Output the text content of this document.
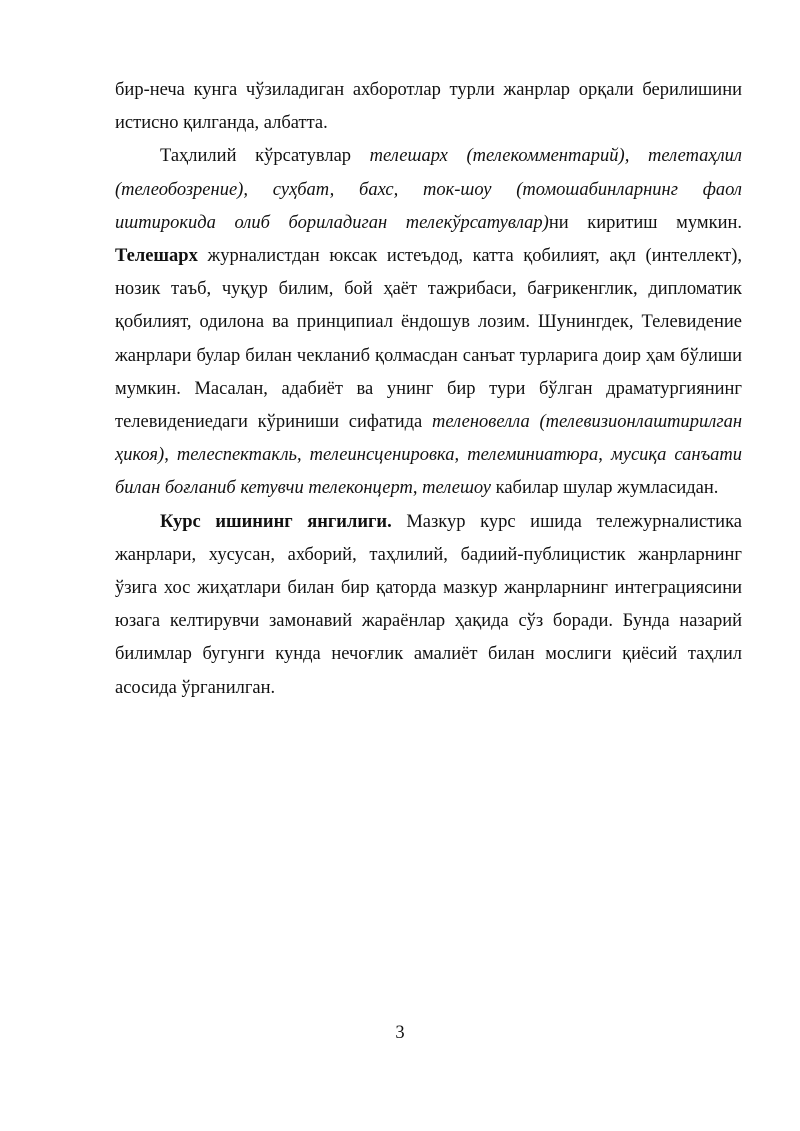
бир-неча кунга чўзиладиган ахборотлар турли жанрлар орқали берилишини истисно қилганда, албатта.

Таҳлилий кўрсатувлар телешарх (телекомментарий), телетаҳлил (телеобозрение), суҳбат, бахс, ток-шоу (томошабинларнинг фаол иштирокида олиб бориладиган телекўрсатувлар)ни киритиш мумкин. Телешарх журналистдан юксак истеъдод, катта қобилият, ақл (интеллект), нозик таъб, чуқур билим, бой ҳаёт тажрибаси, бағрикенглик, дипломатик қобилият, одилона ва принципиал ёндошув лозим. Шунингдек, Телевидение жанрлари булар билан чекланиб қолмасдан санъат турларига доир ҳам бўлиши мумкин. Масалан, адабиёт ва унинг бир тури бўлган драматургиянинг телевидениедаги кўриниши сифатида теленовелла (телевизионлаштирилган ҳикоя), телеспектакль, телеинсценировка, телеминиатюра, мусиқа санъати билан боғланиб кетувчи телеконцерт, телешоу кабилар шулар жумласидан.

Курс ишининг янгилиги. Мазкур курс ишида тележурналистика жанрлари, хусусан, ахборий, таҳлилий, бадиий-публицистик жанрларнинг ўзига хос жиҳатлари билан бир қаторда мазкур жанрларнинг интеграциясини юзага келтирувчи замонавий жараёнлар ҳақида сўз боради. Бунда назарий билимлар бугунги кунда нечоғлик амалиёт билан мослиги қиёсий таҳлил асосида ўрганилган.

3
